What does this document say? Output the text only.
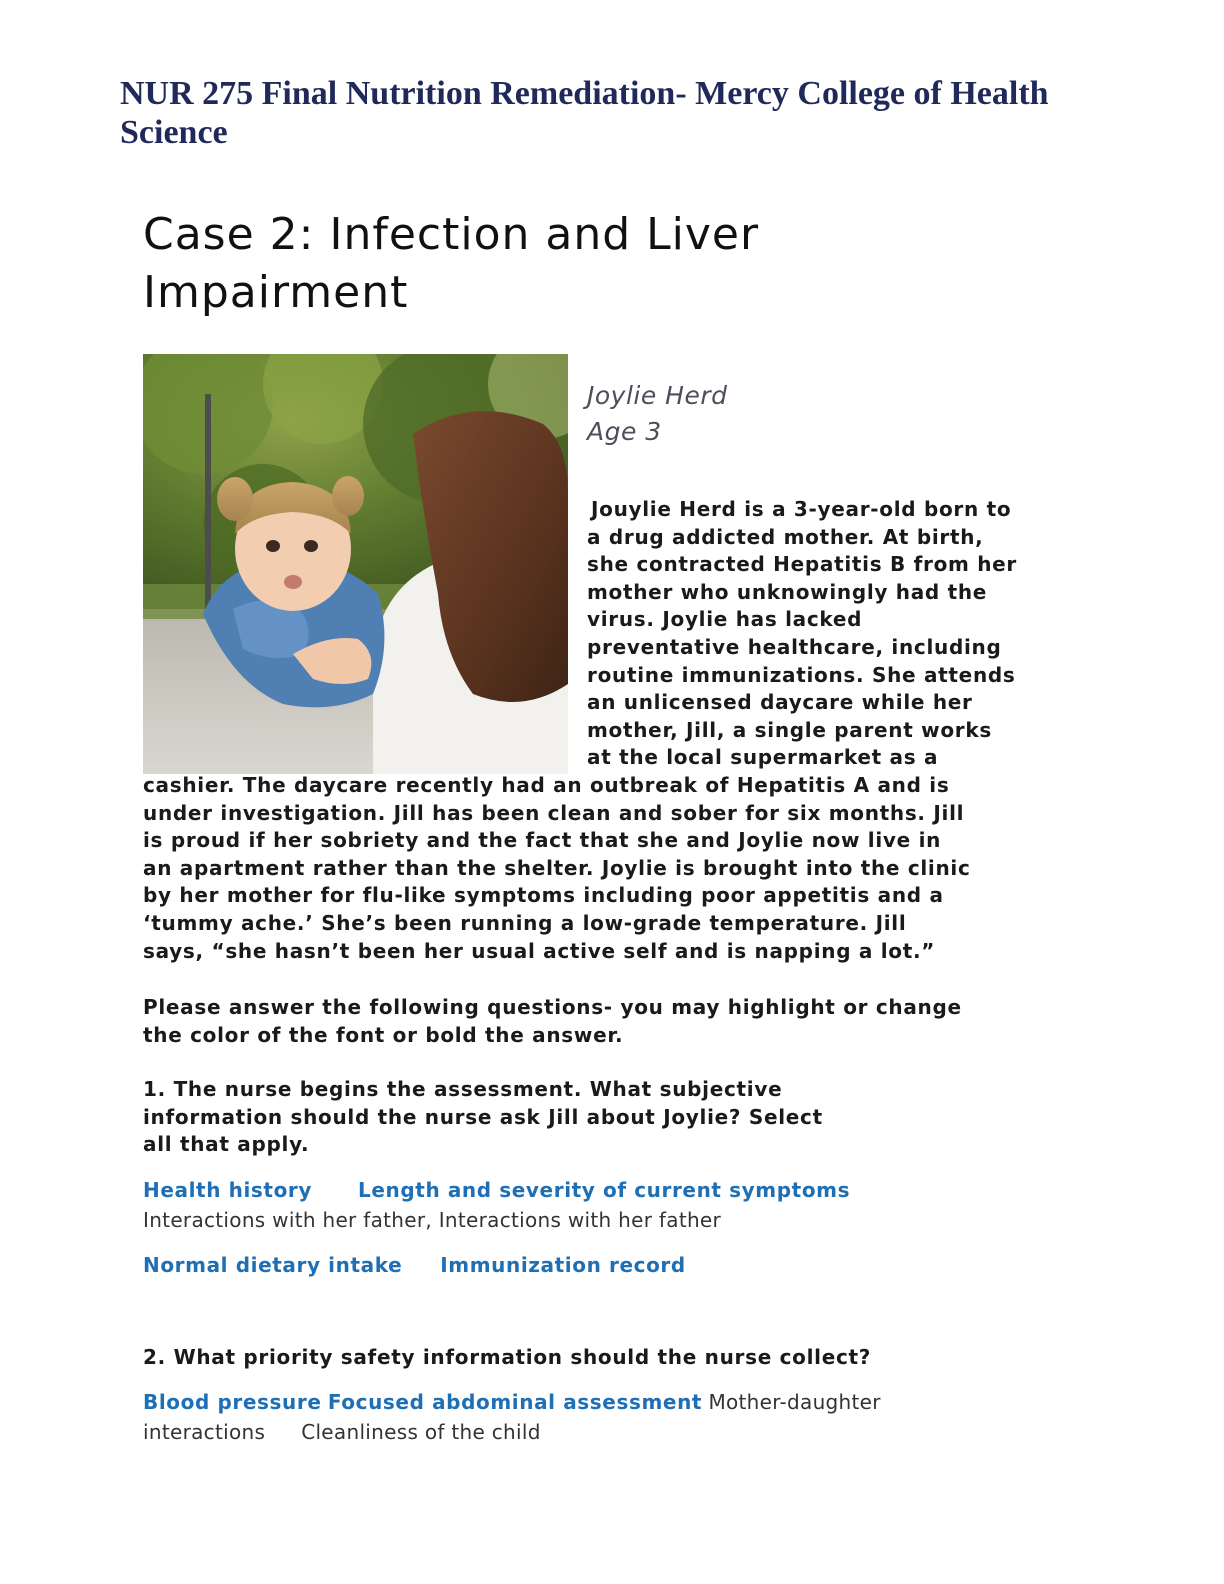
NUR 275 Final Nutrition Remediation- Mercy College of Health Science
Case 2: Infection and Liver
Impairment
Joylie Herd
Age 3
Jouylie Herd is a 3-year-old born to
a drug addicted mother. At birth,
she contracted Hepatitis B from her
mother who unknowingly had the
virus. Joylie has lacked
preventative healthcare, including
routine immunizations. She attends
an unlicensed daycare while her
mother, Jill, a single parent works
at the local supermarket as a
cashier. The daycare recently had an outbreak of Hepatitis A and is
under investigation. Jill has been clean and sober for six months. Jill
is proud if her sobriety and the fact that she and Joylie now live in
an apartment rather than the shelter. Joylie is brought into the clinic
by her mother for flu-like symptoms including poor appetitis and a
‘tummy ache.’ She’s been running a low-grade temperature. Jill
says, “she hasn’t been her usual active self and is napping a lot.”
Please answer the following questions- you may highlight or change
the color of the font or bold the answer.
1. The nurse begins the assessment. What subjective
information should the nurse ask Jill about Joylie? Select
all that apply.
Health history Length and severity of current symptoms
Interactions with her father, Interactions with her father
Normal dietary intake Immunization record
2. What priority safety information should the nurse collect?
Blood pressure Focused abdominal assessment Mother-daughter
interactions Cleanliness of the child
